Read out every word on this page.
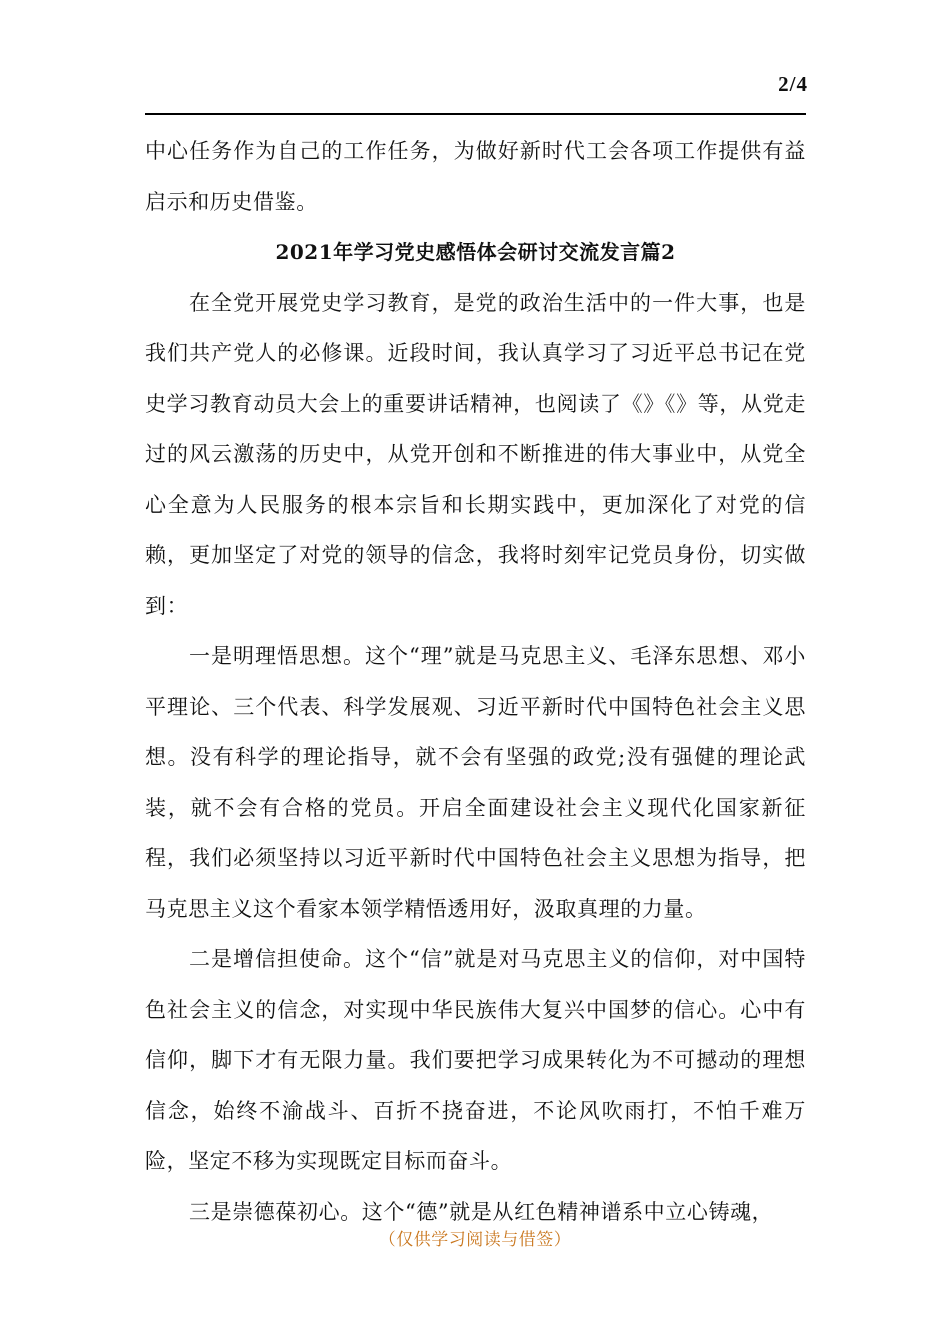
2/4

中心任务作为自己的工作任务，为做好新时代工会各项工作提供有益启示和历史借鉴。

2021年学习党史感悟体会研讨交流发言篇2

在全党开展党史学习教育，是党的政治生活中的一件大事，也是我们共产党人的必修课。近段时间，我认真学习了习近平总书记在党史学习教育动员大会上的重要讲话精神，也阅读了《》《》等，从党走过的风云激荡的历史中，从党开创和不断推进的伟大事业中，从党全心全意为人民服务的根本宗旨和长期实践中，更加深化了对党的信赖，更加坚定了对党的领导的信念，我将时刻牢记党员身份，切实做到：

一是明理悟思想。这个“理”就是马克思主义、毛泽东思想、邓小平理论、三个代表、科学发展观、习近平新时代中国特色社会主义思想。没有科学的理论指导，就不会有坚强的政党;没有强健的理论武装，就不会有合格的党员。开启全面建设社会主义现代化国家新征程，我们必须坚持以习近平新时代中国特色社会主义思想为指导，把马克思主义这个看家本领学精悟透用好，汲取真理的力量。

二是增信担使命。这个“信”就是对马克思主义的信仰，对中国特色社会主义的信念，对实现中华民族伟大复兴中国梦的信心。心中有信仰，脚下才有无限力量。我们要把学习成果转化为不可撼动的理想信念，始终不渝战斗、百折不挠奋进，不论风吹雨打，不怕千难万险，坚定不移为实现既定目标而奋斗。

三是崇德葆初心。这个“德”就是从红色精神谱系中立心铸魂，

（仅供学习阅读与借签）
